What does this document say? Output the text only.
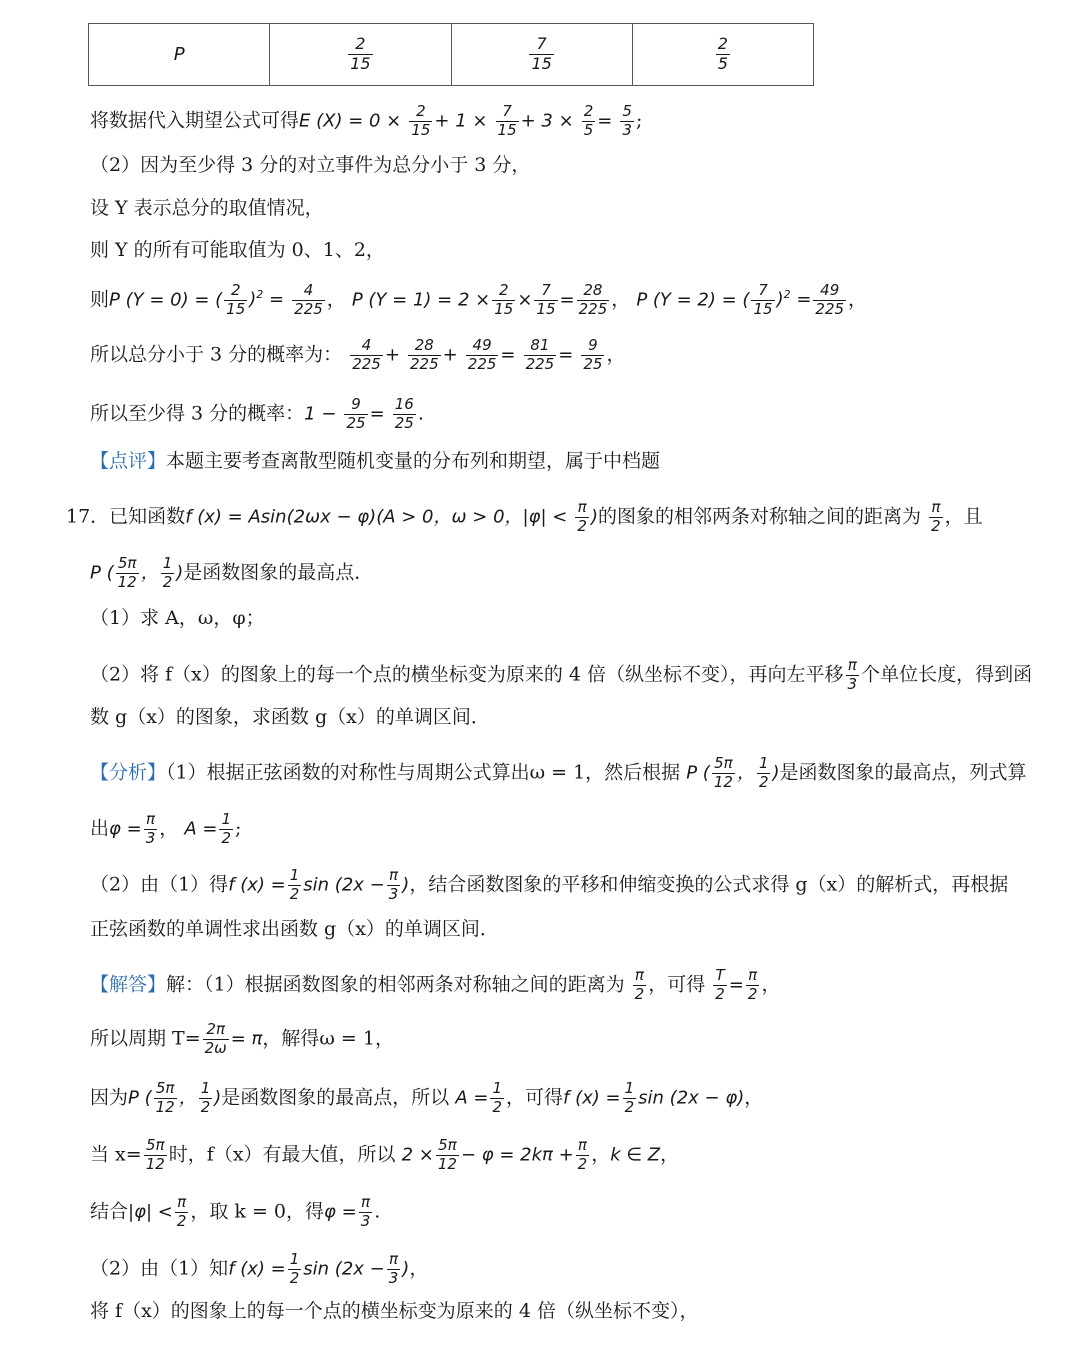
P	$\frac{2}{15}$	$\frac{7}{15}$	$\frac{2}{5}$
将数据代入期望公式可得E $(X) = 0 \times \frac{2}{15} + 1 \times \frac{7}{15} + 3 \times \frac{2}{5} = \frac{5}{3}$ ;
（2）因为至少得 3 分的对立事件为总分小于 3 分，
设 Y 表示总分的取值情况，
则 Y 的所有可能取值为 0、1、2，
则P (Y = 0) = ( $\frac{2}{15} )^2 = \frac{4}{225}$ ， P $(Y = 1) = 2 \times \frac{2}{15} \times \frac{7}{15} = \frac{28}{225}$ ， P (Y = 2) = ( $\frac{7}{15} )^2 = \frac{49}{225}$ ，
所以总分小于 3 分的概率为： $\frac{4}{225} + \frac{28}{225} + \frac{49}{225} = \frac{81}{225} = \frac{9}{25}$ ，
所以至少得 3 分的概率：$1 - \frac{9}{25} = \frac{16}{25}$ .
【点评】本题主要考查离散型随机变量的分布列和期望，属于中档题
17．已知函数f (x) = Asin(2ωx − φ)(A > 0，ω > 0，$|\varphi| < \frac{\pi}{2}$ )的图象的相邻两条对称轴之间的距离为 $\frac{\pi}{2}$ ，且
P ( $\frac{5\pi}{12}$ ， $\frac{1}{2}$ )是函数图象的最高点．
（1）求 A，ω，φ；
（2）将 f（x）的图象上的每一个点的横坐标变为原来的 4 倍（纵坐标不变），再向左平移 $\frac{\pi}{3}$ 个单位长度，得到函
数 g（x）的图象，求函数 g（x）的单调区间．
【分析】（1）根据正弦函数的对称性与周期公式算出ω = 1，然后根据 P ( $\frac{5\pi}{12}$ ， $\frac{1}{2}$ )是函数图象的最高点，列式算
出$\varphi = \frac{\pi}{3}$ ， $A = \frac{1}{2}$ ;
（2）由（1）得f $(x) = \frac{1}{2}$ $\sin (2x - \frac{\pi}{3}$ )，结合函数图象的平移和伸缩变换的公式求得 g（x）的解析式，再根据
正弦函数的单调性求出函数 g（x）的单调区间．
【解答】解：（1）根据函数图象的相邻两条对称轴之间的距离为 $\frac{\pi}{2}$ ，可得 $\frac{T}{2} = \frac{\pi}{2}$ ，
所以周期 $T= \frac{2\pi}{2\omega} = \pi$，解得ω = 1，
因为P ( $\frac{5\pi}{12}$ ， $\frac{1}{2}$ )是函数图象的最高点，所以 $A = \frac{1}{2}$ ，可得f $(x) = \frac{1}{2}$ sin (2x − φ)，
当 $x= \frac{5\pi}{12}$ 时，f（x）有最大值，所以 $2 \times \frac{5\pi}{12} - \varphi = 2k\pi + \frac{\pi}{2}$ ，k ∈ Z，
结合$|\varphi| < \frac{\pi}{2}$ ，取 k = 0，得$\varphi = \frac{\pi}{3}$ .
（2）由（1）知f $(x) = \frac{1}{2}$ $\sin (2x - \frac{\pi}{3}$ )，
将 f（x）的图象上的每一个点的横坐标变为原来的 4 倍（纵坐标不变），
